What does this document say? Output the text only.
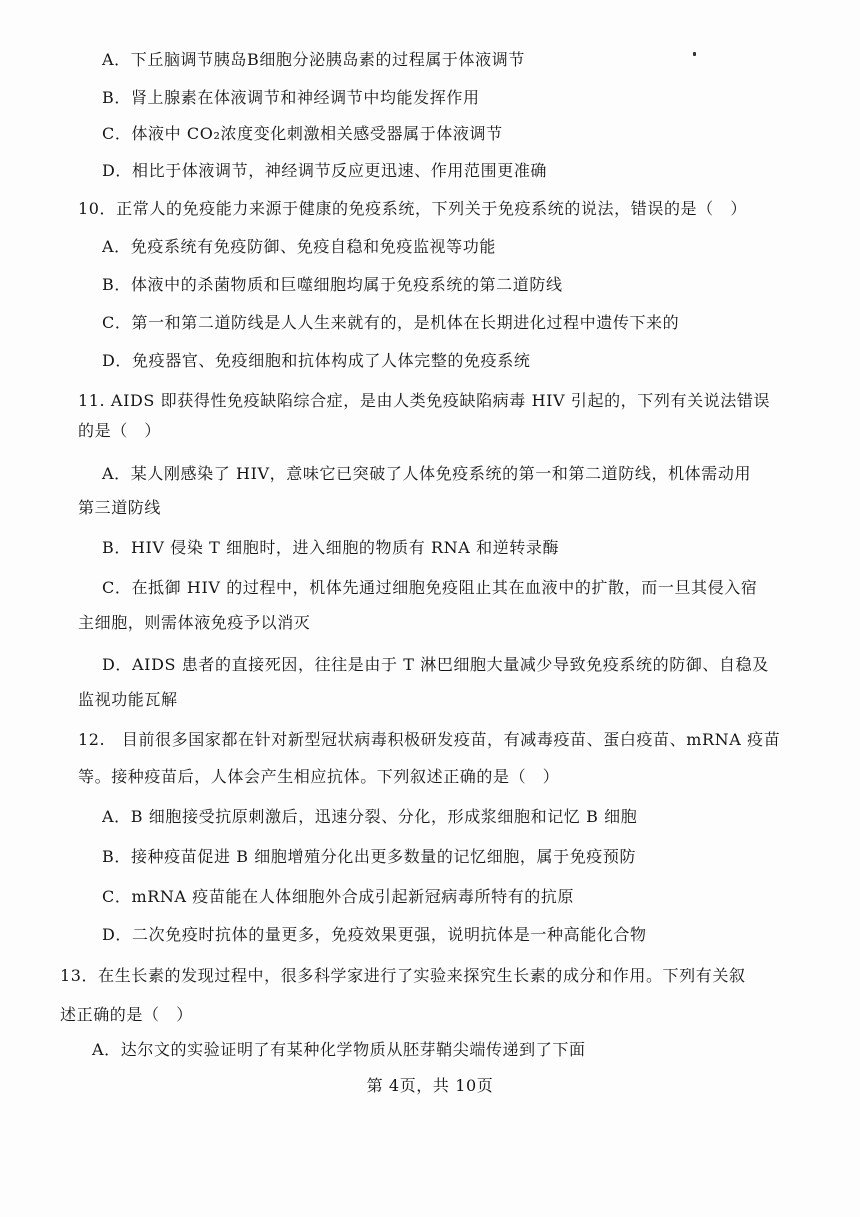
A．下丘脑调节胰岛B细胞分泌胰岛素的过程属于体液调节
B．肾上腺素在体液调节和神经调节中均能发挥作用
C．体液中 CO₂浓度变化刺激相关感受器属于体液调节
D．相比于体液调节，神经调节反应更迅速、作用范围更准确
10．正常人的免疫能力来源于健康的免疫系统，下列关于免疫系统的说法，错误的是（　）
A．免疫系统有免疫防御、免疫自稳和免疫监视等功能
B．体液中的杀菌物质和巨噬细胞均属于免疫系统的第二道防线
C．第一和第二道防线是人人生来就有的，是机体在长期进化过程中遗传下来的
D．免疫器官、免疫细胞和抗体构成了人体完整的免疫系统
11. AIDS 即获得性免疫缺陷综合症，是由人类免疫缺陷病毒 HIV 引起的，下列有关说法错误
的是（　）
A．某人刚感染了 HIV，意味它已突破了人体免疫系统的第一和第二道防线，机体需动用
第三道防线
B．HIV 侵染 T 细胞时，进入细胞的物质有 RNA 和逆转录酶
C．在抵御 HIV 的过程中，机体先通过细胞免疫阻止其在血液中的扩散，而一旦其侵入宿
主细胞，则需体液免疫予以消灭
D．AIDS 患者的直接死因，往往是由于 T 淋巴细胞大量减少导致免疫系统的防御、自稳及
监视功能瓦解
12.　目前很多国家都在针对新型冠状病毒积极研发疫苗，有减毒疫苗、蛋白疫苗、mRNA 疫苗
等。接种疫苗后，人体会产生相应抗体。下列叙述正确的是（　）
A．B 细胞接受抗原刺激后，迅速分裂、分化，形成浆细胞和记忆 B 细胞
B．接种疫苗促进 B 细胞增殖分化出更多数量的记忆细胞，属于免疫预防
C．mRNA 疫苗能在人体细胞外合成引起新冠病毒所特有的抗原
D．二次免疫时抗体的量更多，免疫效果更强，说明抗体是一种高能化合物
13．在生长素的发现过程中，很多科学家进行了实验来探究生长素的成分和作用。下列有关叙
述正确的是（　）
A．达尔文的实验证明了有某种化学物质从胚芽鞘尖端传递到了下面
第 4页，共 10页
